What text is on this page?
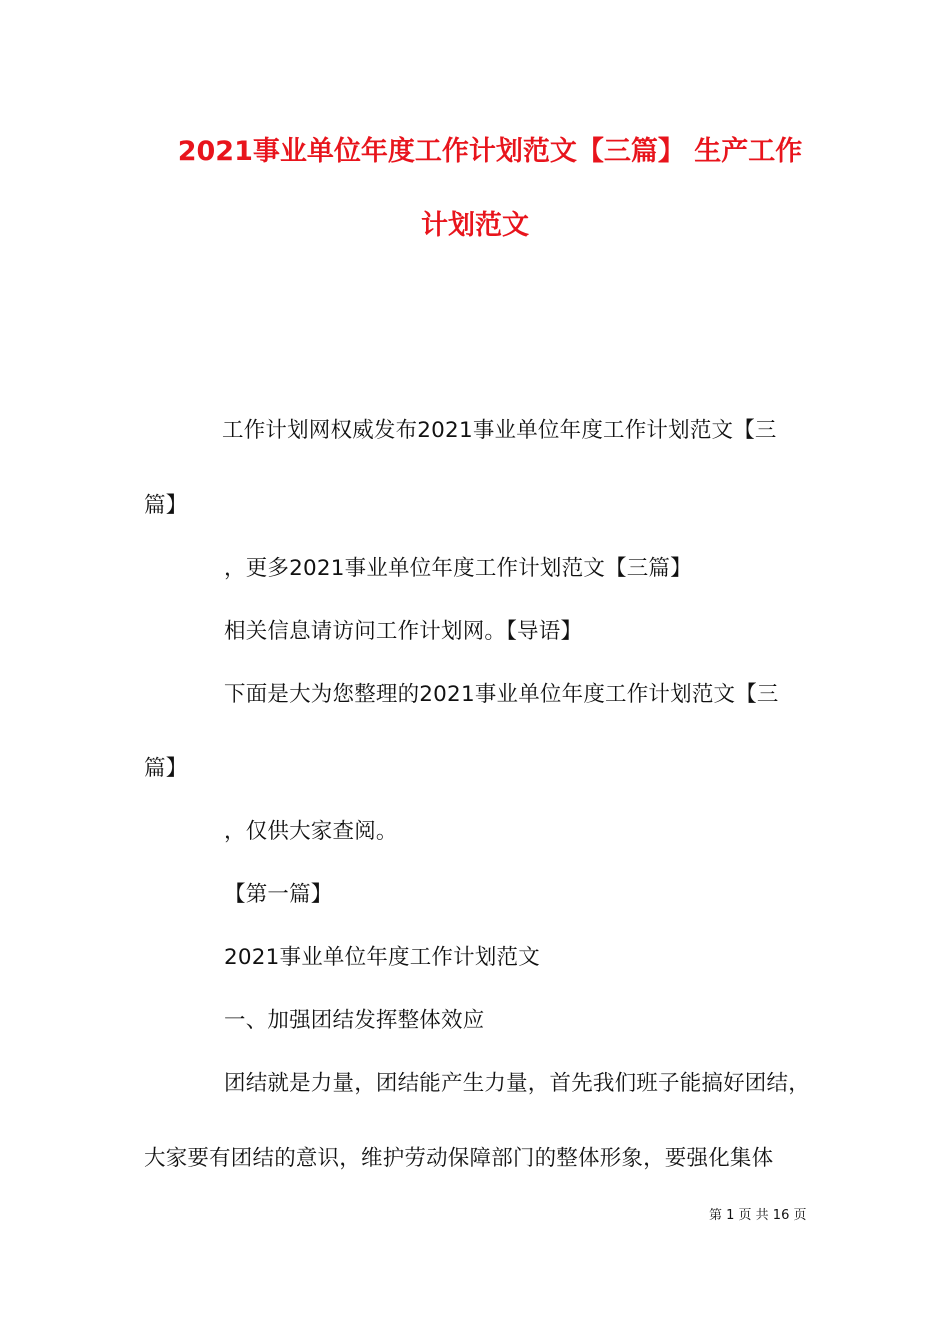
2021事业单位年度工作计划范文【三篇】 生产工作
计划范文
工作计划网权威发布2021事业单位年度工作计划范文【三
篇】
，更多2021事业单位年度工作计划范文【三篇】
相关信息请访问工作计划网。【导语】
下面是大为您整理的2021事业单位年度工作计划范文【三
篇】
，仅供大家查阅。
【第一篇】
2021事业单位年度工作计划范文
一、加强团结发挥整体效应
团结就是力量，团结能产生力量，首先我们班子能搞好团结，
大家要有团结的意识，维护劳动保障部门的整体形象，要强化集体
第 1 页 共 16 页
